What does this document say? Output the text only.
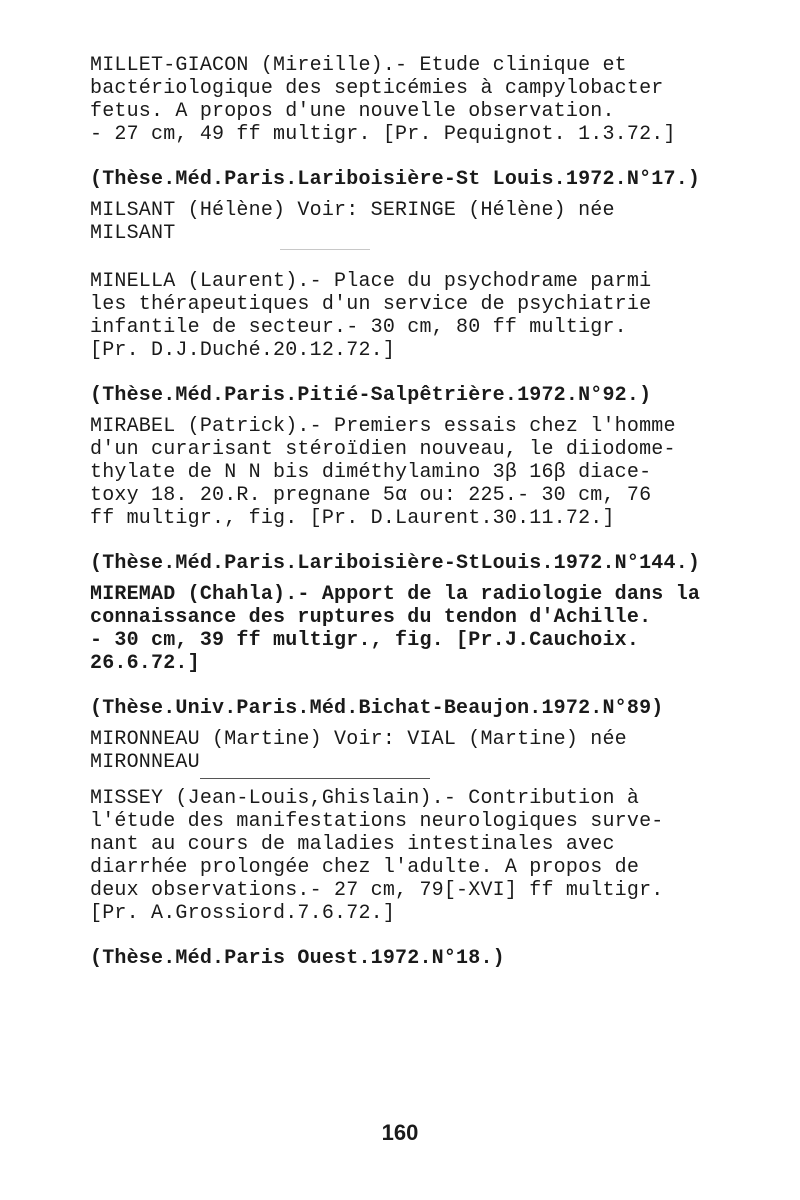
MILLET-GIACON (Mireille).- Etude clinique et
bactériologique des septicémies à campylobacter
fetus. A propos d'une nouvelle observation.
- 27 cm, 49 ff multigr. [Pr. Pequignot. 1.3.72.]
(Thèse.Méd.Paris.Lariboisière-St Louis.1972.N°17.)
MILSANT (Hélène) Voir: SERINGE (Hélène) née
MILSANT
MINELLA (Laurent).- Place du psychodrame parmi
les thérapeutiques d'un service de psychiatrie
infantile de secteur.- 30 cm, 80 ff multigr.
[Pr. D.J.Duché.20.12.72.]
(Thèse.Méd.Paris.Pitié-Salpêtrière.1972.N°92.)
MIRABEL (Patrick).- Premiers essais chez l'homme
d'un curarisant stéroïdien nouveau, le diiodome-
thylate de N N bis diméthylamino 3β 16β diace-
toxy 18. 20.R. pregnane 5α ou: 225.- 30 cm, 76
ff multigr., fig. [Pr. D.Laurent.30.11.72.]
(Thèse.Méd.Paris.Lariboisière-StLouis.1972.N°144.)
MIREMAD (Chahla).- Apport de la radiologie dans la
connaissance des ruptures du tendon d'Achille.
- 30 cm, 39 ff multigr., fig. [Pr.J.Cauchoix.
26.6.72.]
(Thèse.Univ.Paris.Méd.Bichat-Beaujon.1972.N°89)
MIRONNEAU (Martine) Voir: VIAL (Martine) née
MIRONNEAU
MISSEY (Jean-Louis,Ghislain).- Contribution à
l'étude des manifestations neurologiques surve-
nant au cours de maladies intestinales avec
diarrhée prolongée chez l'adulte. A propos de
deux observations.- 27 cm, 79[-XVI] ff multigr.
[Pr. A.Grossiord.7.6.72.]
(Thèse.Méd.Paris Ouest.1972.N°18.)
160
